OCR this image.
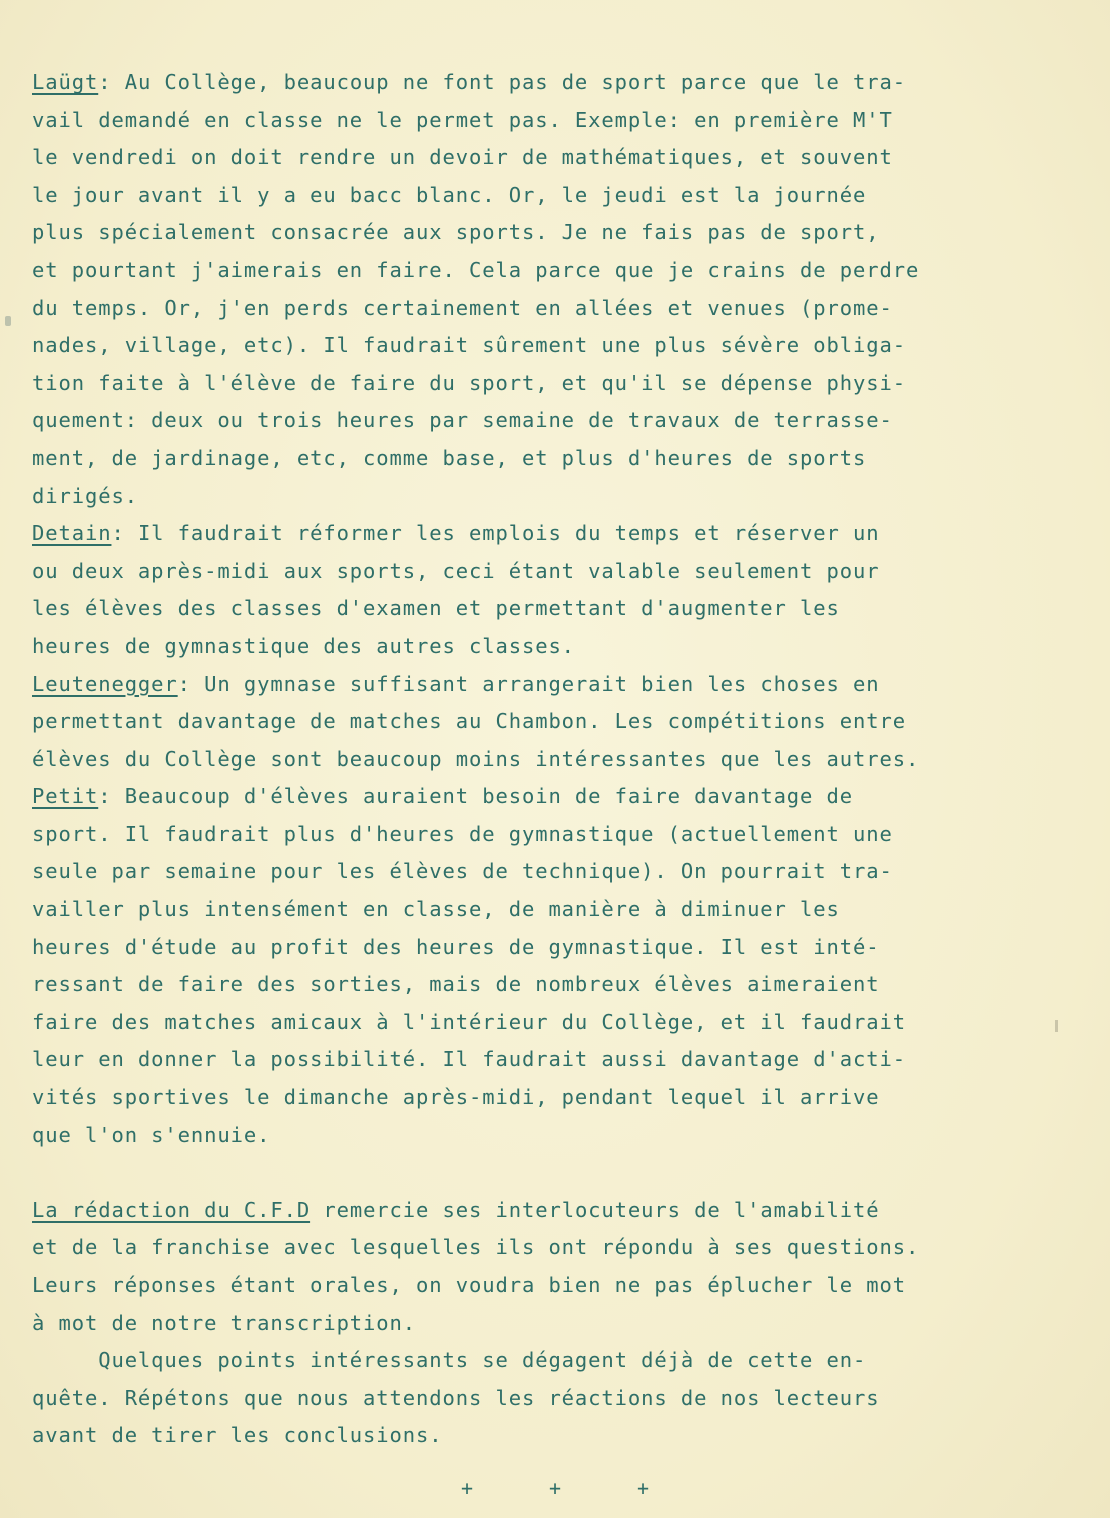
Laügt: Au Collège, beaucoup ne font pas de sport parce que le tra-
vail demandé en classe ne le permet pas. Exemple: en première M'T
le vendredi on doit rendre un devoir de mathématiques, et souvent
le jour avant il y a eu bacc blanc. Or, le jeudi est la journée
plus spécialement consacrée aux sports. Je ne fais pas de sport,
et pourtant j'aimerais en faire. Cela parce que je crains de perdre
du temps. Or, j'en perds certainement en allées et venues (prome-
nades, village, etc). Il faudrait sûrement une plus sévère obliga-
tion faite à l'élève de faire du sport, et qu'il se dépense physi-
quement: deux ou trois heures par semaine de travaux de terrasse-
ment, de jardinage, etc, comme base, et plus d'heures de sports
dirigés.
Detain: Il faudrait réformer les emplois du temps et réserver un
ou deux après-midi aux sports, ceci étant valable seulement pour
les élèves des classes d'examen et permettant d'augmenter les
heures de gymnastique des autres classes.
Leutenegger: Un gymnase suffisant arrangerait bien les choses en
permettant davantage de matches au Chambon. Les compétitions entre
élèves du Collège sont beaucoup moins intéressantes que les autres.
Petit: Beaucoup d'élèves auraient besoin de faire davantage de
sport. Il faudrait plus d'heures de gymnastique (actuellement une
seule par semaine pour les élèves de technique). On pourrait tra-
vailler plus intensément en classe, de manière à diminuer les
heures d'étude au profit des heures de gymnastique. Il est inté-
ressant de faire des sorties, mais de nombreux élèves aimeraient
faire des matches amicaux à l'intérieur du Collège, et il faudrait
leur en donner la possibilité. Il faudrait aussi davantage d'acti-
vités sportives le dimanche après-midi, pendant lequel il arrive
que l'on s'ennuie.
La rédaction du C.F.D remercie ses interlocuteurs de l'amabilité
et de la franchise avec lesquelles ils ont répondu à ses questions.
Leurs réponses étant orales, on voudra bien ne pas éplucher le mot
à mot de notre transcription.
Quelques points intéressants se dégagent déjà de cette en-
quête. Répétons que nous attendons les réactions de nos lecteurs
avant de tirer les conclusions.
+	+	+
